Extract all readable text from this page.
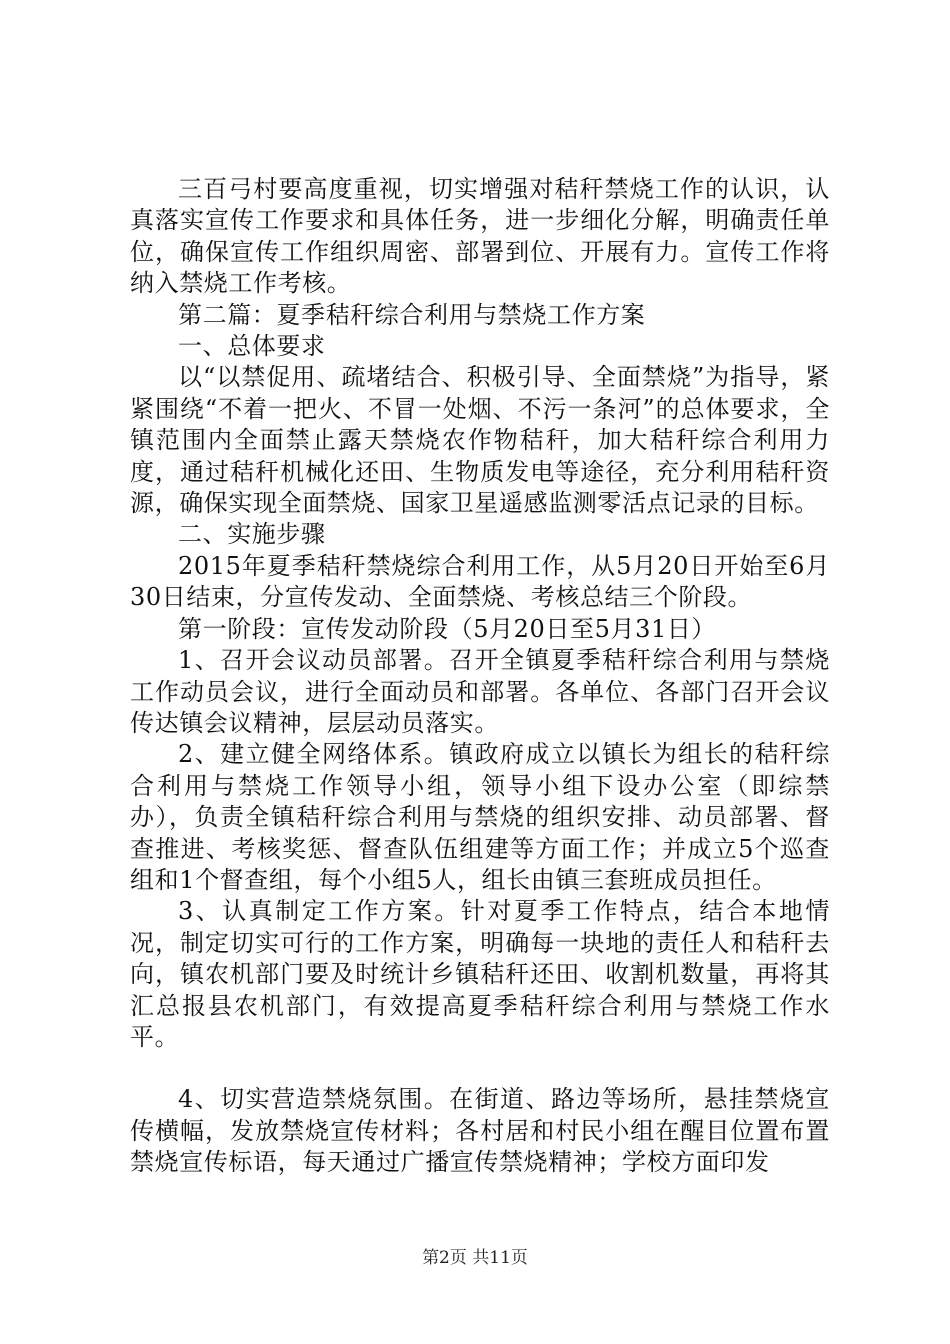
三百弓村要高度重视，切实增强对秸秆禁烧工作的认识，认真落实宣传工作要求和具体任务，进一步细化分解，明确责任单位，确保宣传工作组织周密、部署到位、开展有力。宣传工作将纳入禁烧工作考核。

第二篇：夏季秸秆综合利用与禁烧工作方案

一、总体要求

以“以禁促用、疏堵结合、积极引导、全面禁烧”为指导，紧紧围绕“不着一把火、不冒一处烟、不污一条河”的总体要求，全镇范围内全面禁止露天禁烧农作物秸秆，加大秸秆综合利用力度，通过秸秆机械化还田、生物质发电等途径，充分利用秸秆资源，确保实现全面禁烧、国家卫星遥感监测零活点记录的目标。

二、实施步骤

2015年夏季秸秆禁烧综合利用工作，从5月20日开始至6月30日结束，分宣传发动、全面禁烧、考核总结三个阶段。

第一阶段：宣传发动阶段（5月20日至5月31日）

1、召开会议动员部署。召开全镇夏季秸秆综合利用与禁烧工作动员会议，进行全面动员和部署。各单位、各部门召开会议传达镇会议精神，层层动员落实。

2、建立健全网络体系。镇政府成立以镇长为组长的秸秆综合利用与禁烧工作领导小组，领导小组下设办公室（即综禁办），负责全镇秸秆综合利用与禁烧的组织安排、动员部署、督查推进、考核奖惩、督查队伍组建等方面工作；并成立5个巡查组和1个督查组，每个小组5人，组长由镇三套班成员担任。

3、认真制定工作方案。针对夏季工作特点，结合本地情况，制定切实可行的工作方案，明确每一块地的责任人和秸秆去向，镇农机部门要及时统计乡镇秸秆还田、收割机数量，再将其汇总报县农机部门，有效提高夏季秸秆综合利用与禁烧工作水平。

4、切实营造禁烧氛围。在街道、路边等场所，悬挂禁烧宣传横幅，发放禁烧宣传材料；各村居和村民小组在醒目位置布置禁烧宣传标语，每天通过广播宣传禁烧精神；学校方面印发

第2页 共11页
